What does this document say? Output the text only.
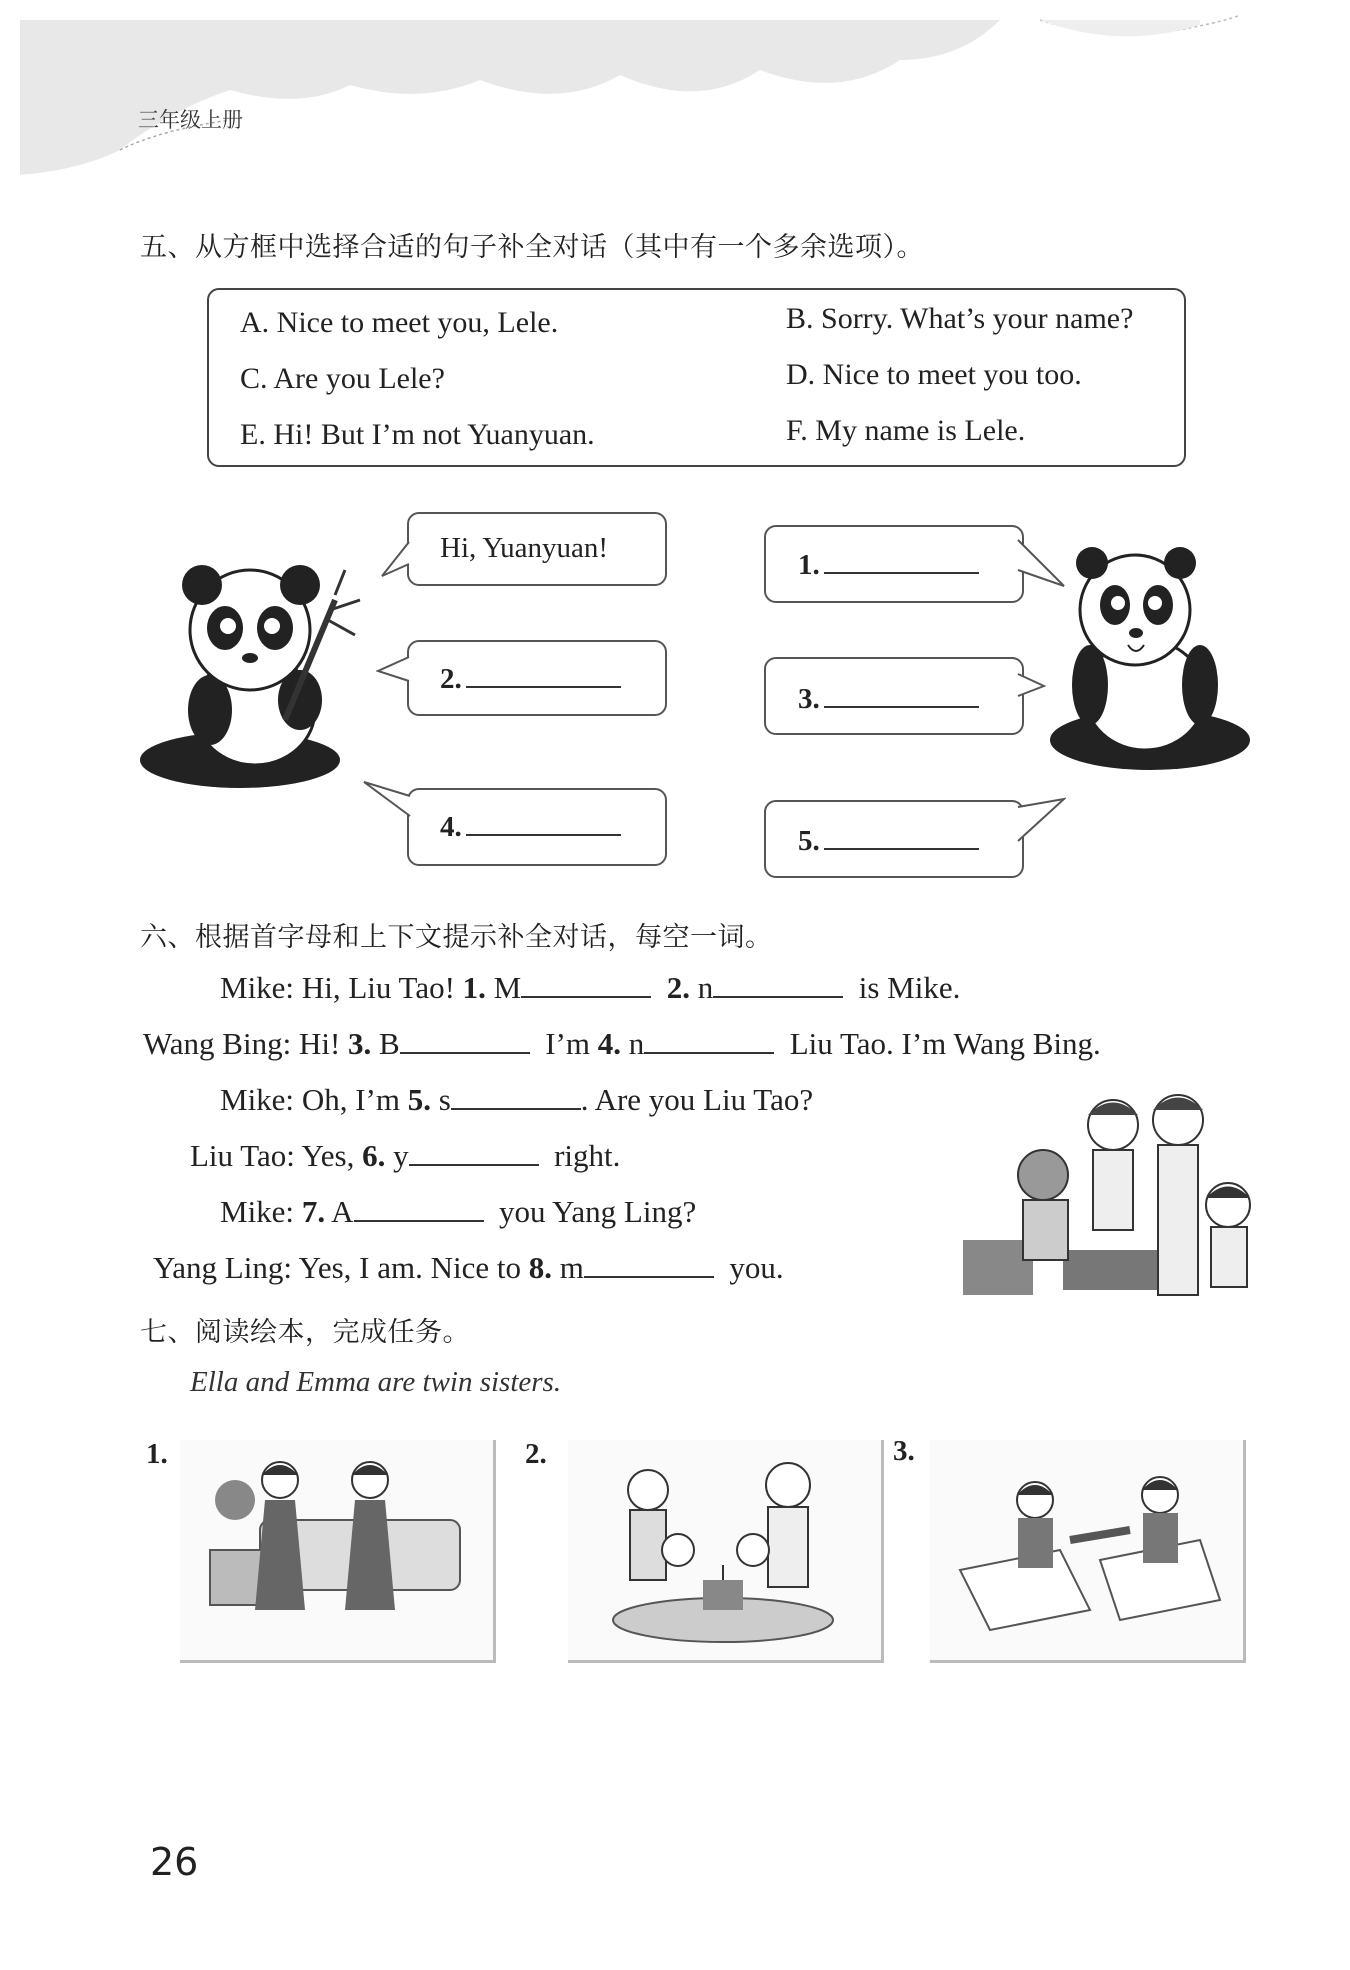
三年级上册
五、从方框中选择合适的句子补全对话（其中有一个多余选项）。
A. Nice to meet you, Lele.	B. Sorry. What’s your name?
C. Are you Lele?	D. Nice to meet you too.
E. Hi! But I’m not Yuanyuan.	F. My name is Lele.
Hi, Yuanyuan!
2.
4.
1.
3.
5.
六、根据首字母和上下文提示补全对话，每空一词。
Mike: Hi, Liu Tao! 1. M	2. n	is Mike.
Wang Bing: Hi! 3. B	I’m 4. n	Liu Tao. I’m Wang Bing.
Mike: Oh, I’m 5. s	. Are you Liu Tao?
Liu Tao: Yes, 6. y	right.
Mike: 7. A	you Yang Ling?
Yang Ling: Yes, I am. Nice to 8. m	you.
七、阅读绘本，完成任务。
Ella and Emma are twin sisters.
1.	2.	3.
26
